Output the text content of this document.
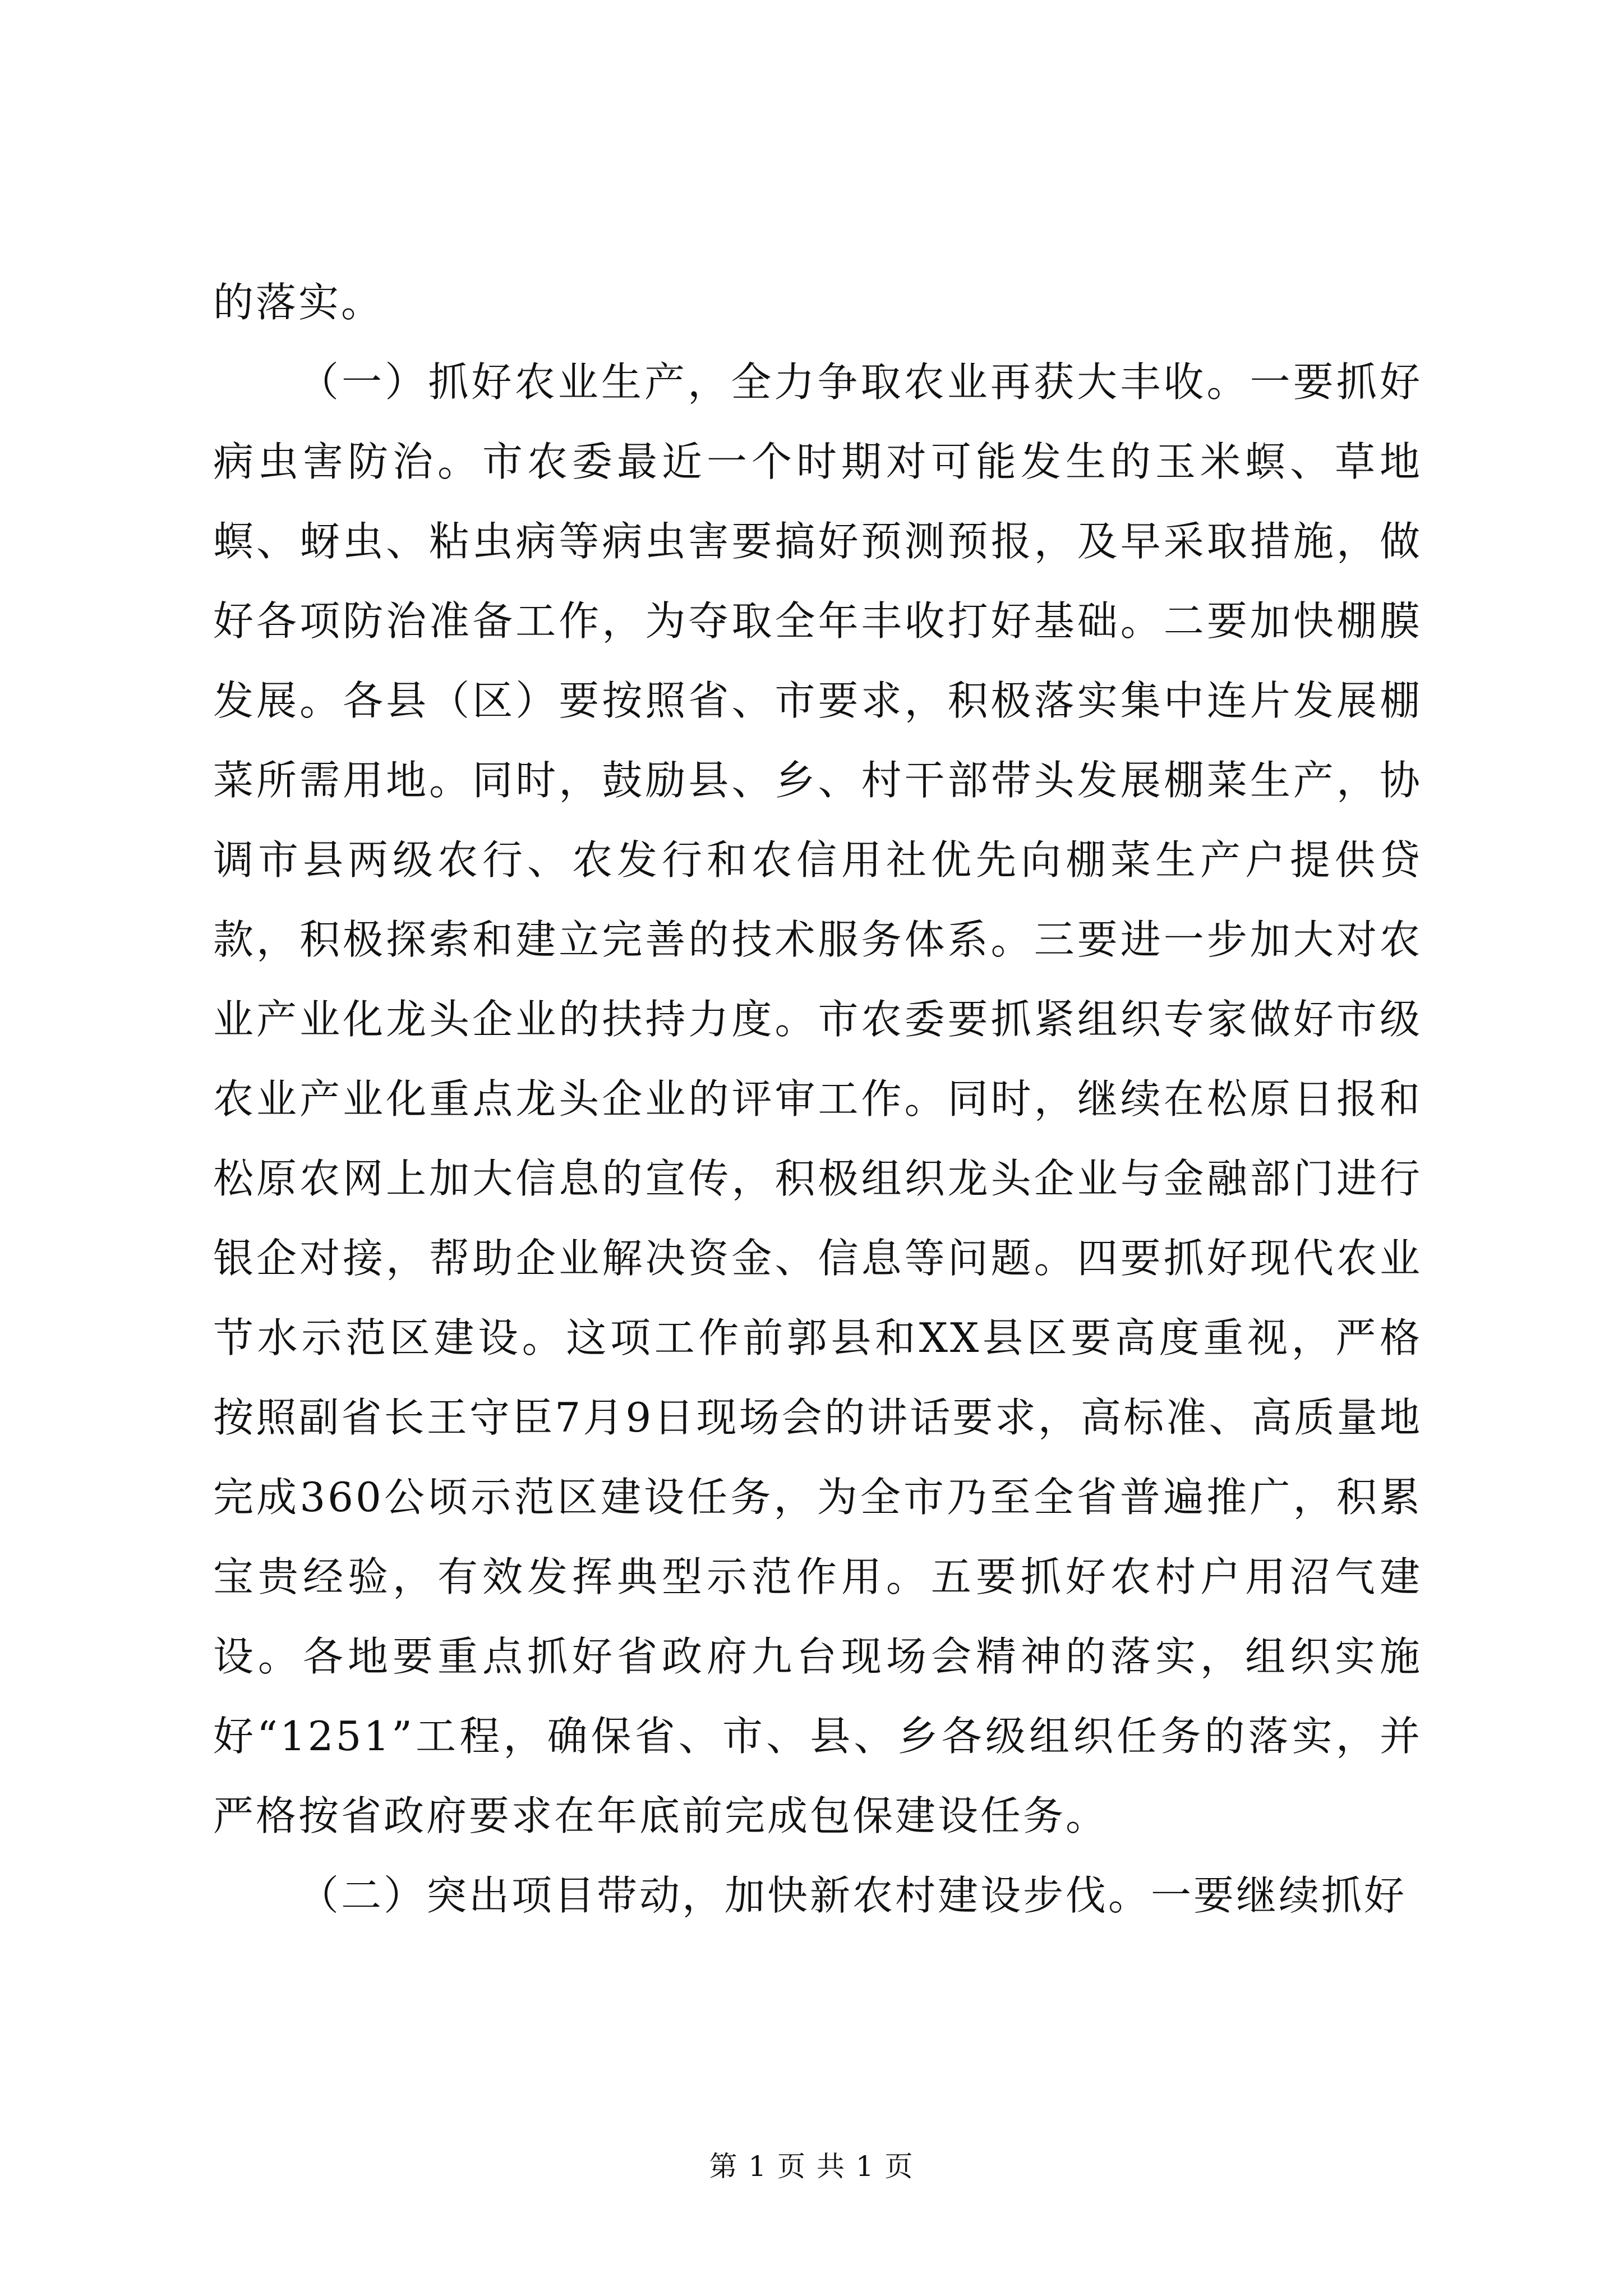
的落实。

（一）抓好农业生产，全力争取农业再获大丰收。一要抓好病虫害防治。市农委最近一个时期对可能发生的玉米螟、草地螟、蚜虫、粘虫病等病虫害要搞好预测预报，及早采取措施，做好各项防治准备工作，为夺取全年丰收打好基础。二要加快棚膜发展。各县（区）要按照省、市要求，积极落实集中连片发展棚菜所需用地。同时，鼓励县、乡、村干部带头发展棚菜生产，协调市县两级农行、农发行和农信用社优先向棚菜生产户提供贷款，积极探索和建立完善的技术服务体系。三要进一步加大对农业产业化龙头企业的扶持力度。市农委要抓紧组织专家做好市级农业产业化重点龙头企业的评审工作。同时，继续在松原日报和松原农网上加大信息的宣传，积极组织龙头企业与金融部门进行银企对接，帮助企业解决资金、信息等问题。四要抓好现代农业节水示范区建设。这项工作前郭县和XX县区要高度重视，严格按照副省长王守臣7月9日现场会的讲话要求，高标准、高质量地完成360公顷示范区建设任务，为全市乃至全省普遍推广，积累宝贵经验，有效发挥典型示范作用。五要抓好农村户用沼气建设。各地要重点抓好省政府九台现场会精神的落实，组织实施好“1251”工程，确保省、市、县、乡各级组织任务的落实，并严格按省政府要求在年底前完成包保建设任务。

（二）突出项目带动，加快新农村建设步伐。一要继续抓好

第 1 页 共 1 页
